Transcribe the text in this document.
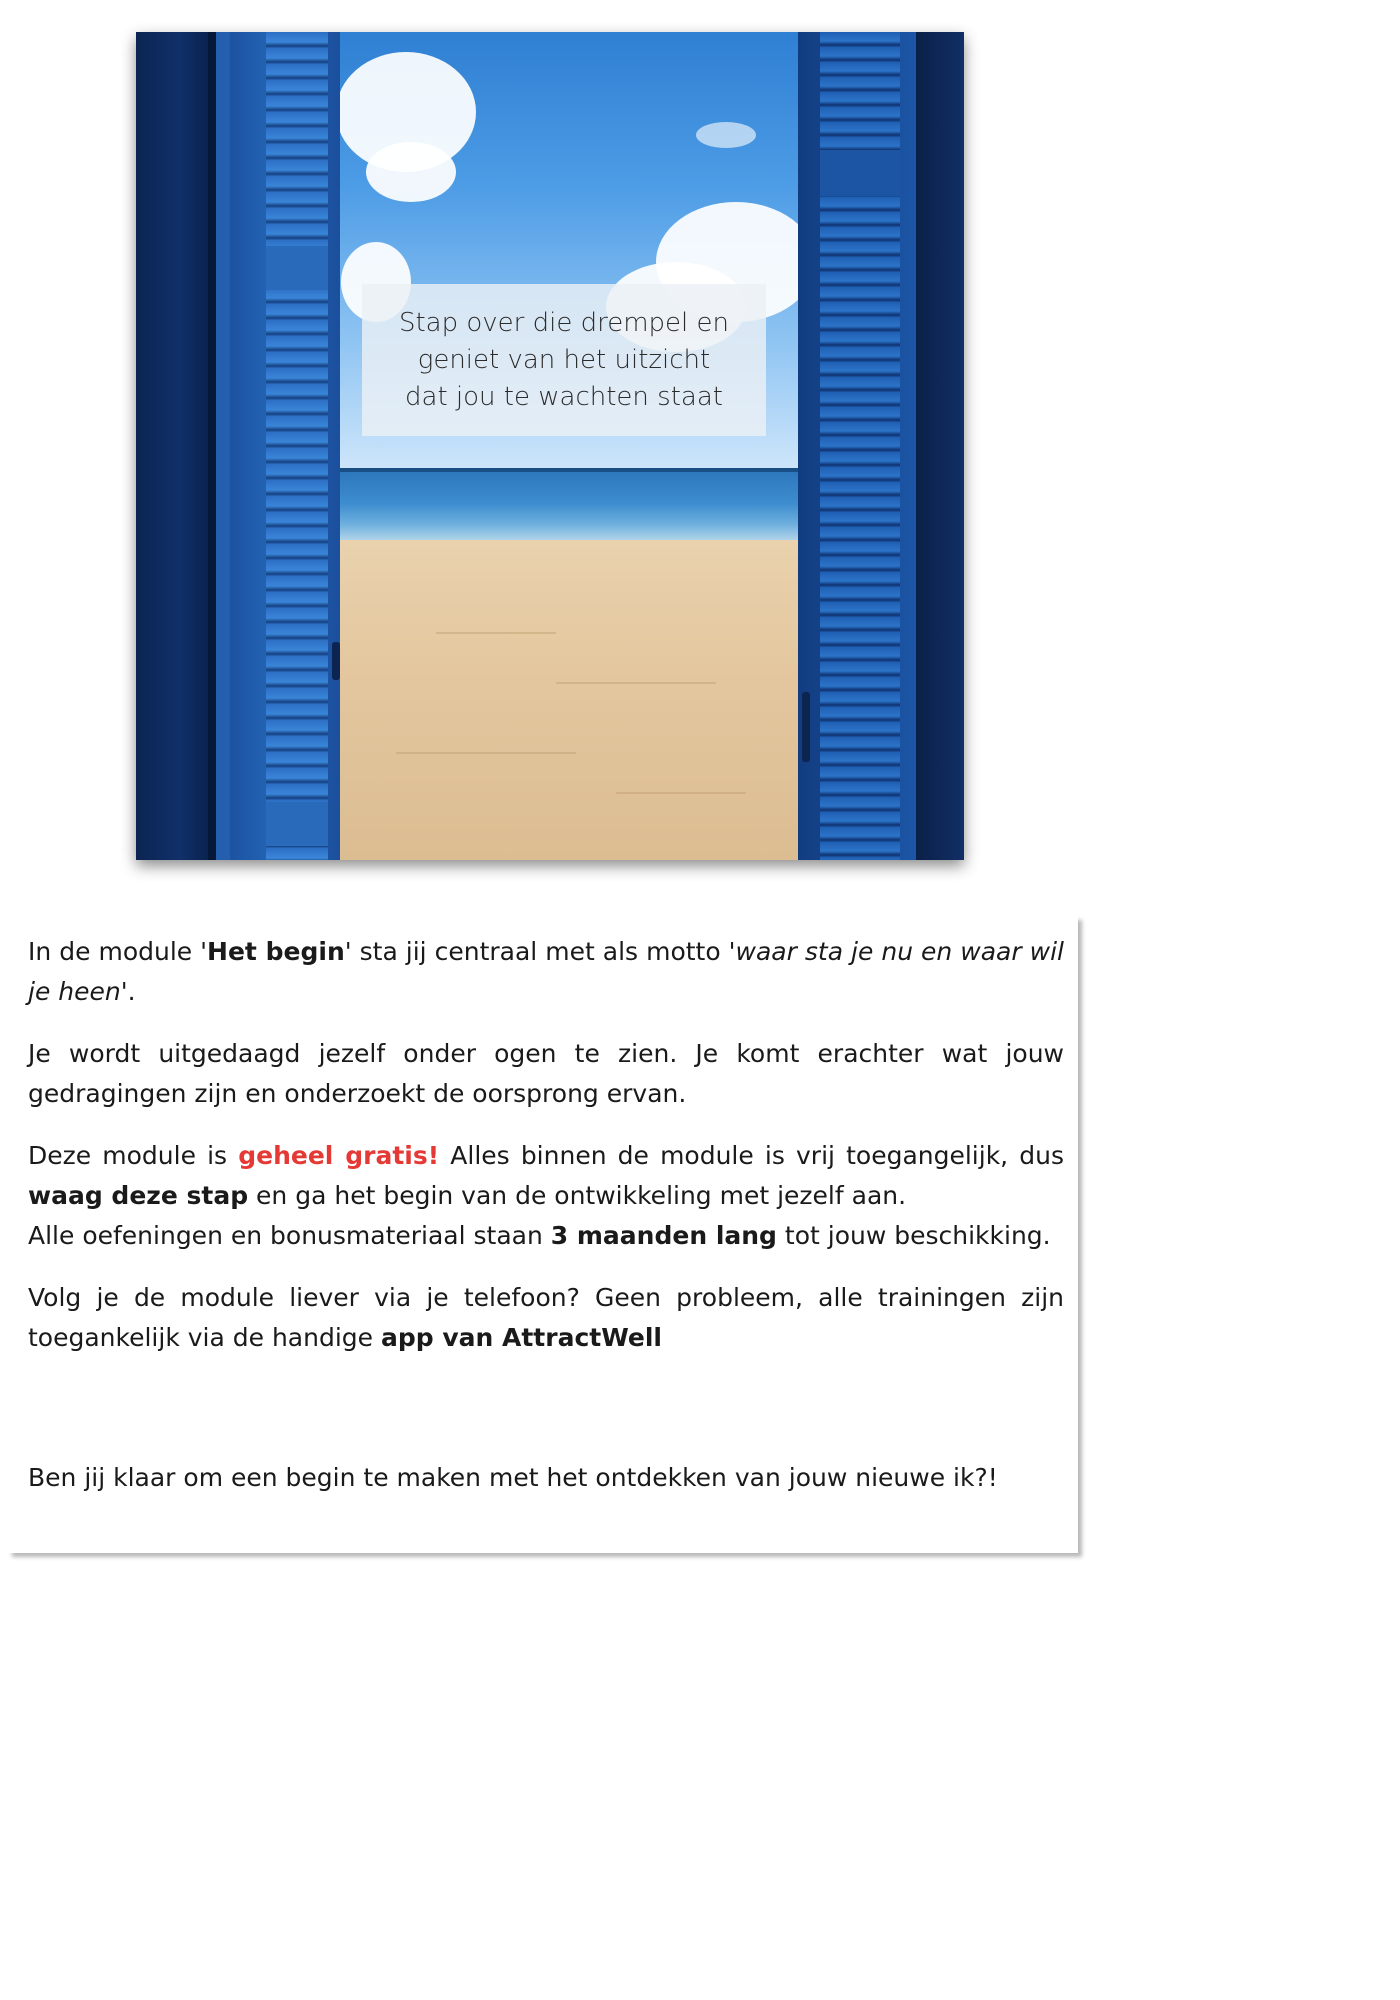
Stap over die drempel en
geniet van het uitzicht
dat jou te wachten staat

In de module 'Het begin' sta jij centraal met als motto 'waar sta je nu en waar wil je heen'.

Je wordt uitgedaagd jezelf onder ogen te zien. Je komt erachter wat jouw gedragingen zijn en onderzoekt de oorsprong ervan.

Deze module is geheel gratis! Alles binnen de module is vrij toegangelijk, dus waag deze stap en ga het begin van de ontwikkeling met jezelf aan.

Alle oefeningen en bonusmateriaal staan 3 maanden lang tot jouw beschikking.

Volg je de module liever via je telefoon? Geen probleem, alle trainingen zijn toegankelijk via de handige app van AttractWell

Ben jij klaar om een begin te maken met het ontdekken van jouw nieuwe ik?!
